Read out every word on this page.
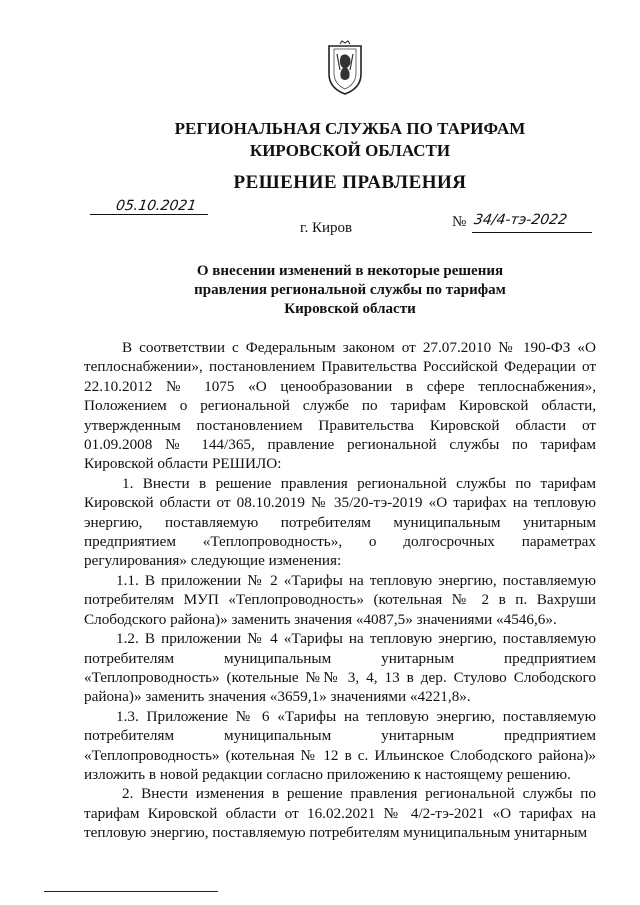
РЕГИОНАЛЬНАЯ СЛУЖБА ПО ТАРИФАМ
КИРОВСКОЙ ОБЛАСТИ
РЕШЕНИЕ ПРАВЛЕНИЯ
05.10.2021
г. Киров	№ 34/4-тэ-2022
О внесении изменений в некоторые решения
правления региональной службы по тарифам
Кировской области

В соответствии с Федеральным законом от 27.07.2010 № 190-ФЗ «О теплоснабжении», постановлением Правительства Российской Федерации от 22.10.2012 № 1075 «О ценообразовании в сфере теплоснабжения», Положением о региональной службе по тарифам Кировской области, утвержденным постановлением Правительства Кировской области от 01.09.2008 № 144/365, правление региональной службы по тарифам Кировской области РЕШИЛО:

1. Внести в решение правления региональной службы по тарифам Кировской области от 08.10.2019 № 35/20-тэ-2019 «О тарифах на тепловую энергию, поставляемую потребителям муниципальным унитарным предприятием «Теплопроводность», о долгосрочных параметрах регулирования» следующие изменения:

1.1. В приложении № 2 «Тарифы на тепловую энергию, поставляемую потребителям МУП «Теплопроводность» (котельная № 2 в п. Вахруши Слободского района)» заменить значения «4087,5» значениями «4546,6».

1.2. В приложении № 4 «Тарифы на тепловую энергию, поставляемую потребителям муниципальным унитарным предприятием «Теплопроводность» (котельные №№ 3, 4, 13 в дер. Стулово Слободского района)» заменить значения «3659,1» значениями «4221,8».

1.3. Приложение № 6 «Тарифы на тепловую энергию, поставляемую потребителям муниципальным унитарным предприятием «Теплопроводность» (котельная № 12 в с. Ильинское Слободского района)» изложить в новой редакции согласно приложению к настоящему решению.

2. Внести изменения в решение правления региональной службы по тарифам Кировской области от 16.02.2021 № 4/2-тэ-2021 «О тарифах на тепловую энергию, поставляемую потребителям муниципальным унитарным
